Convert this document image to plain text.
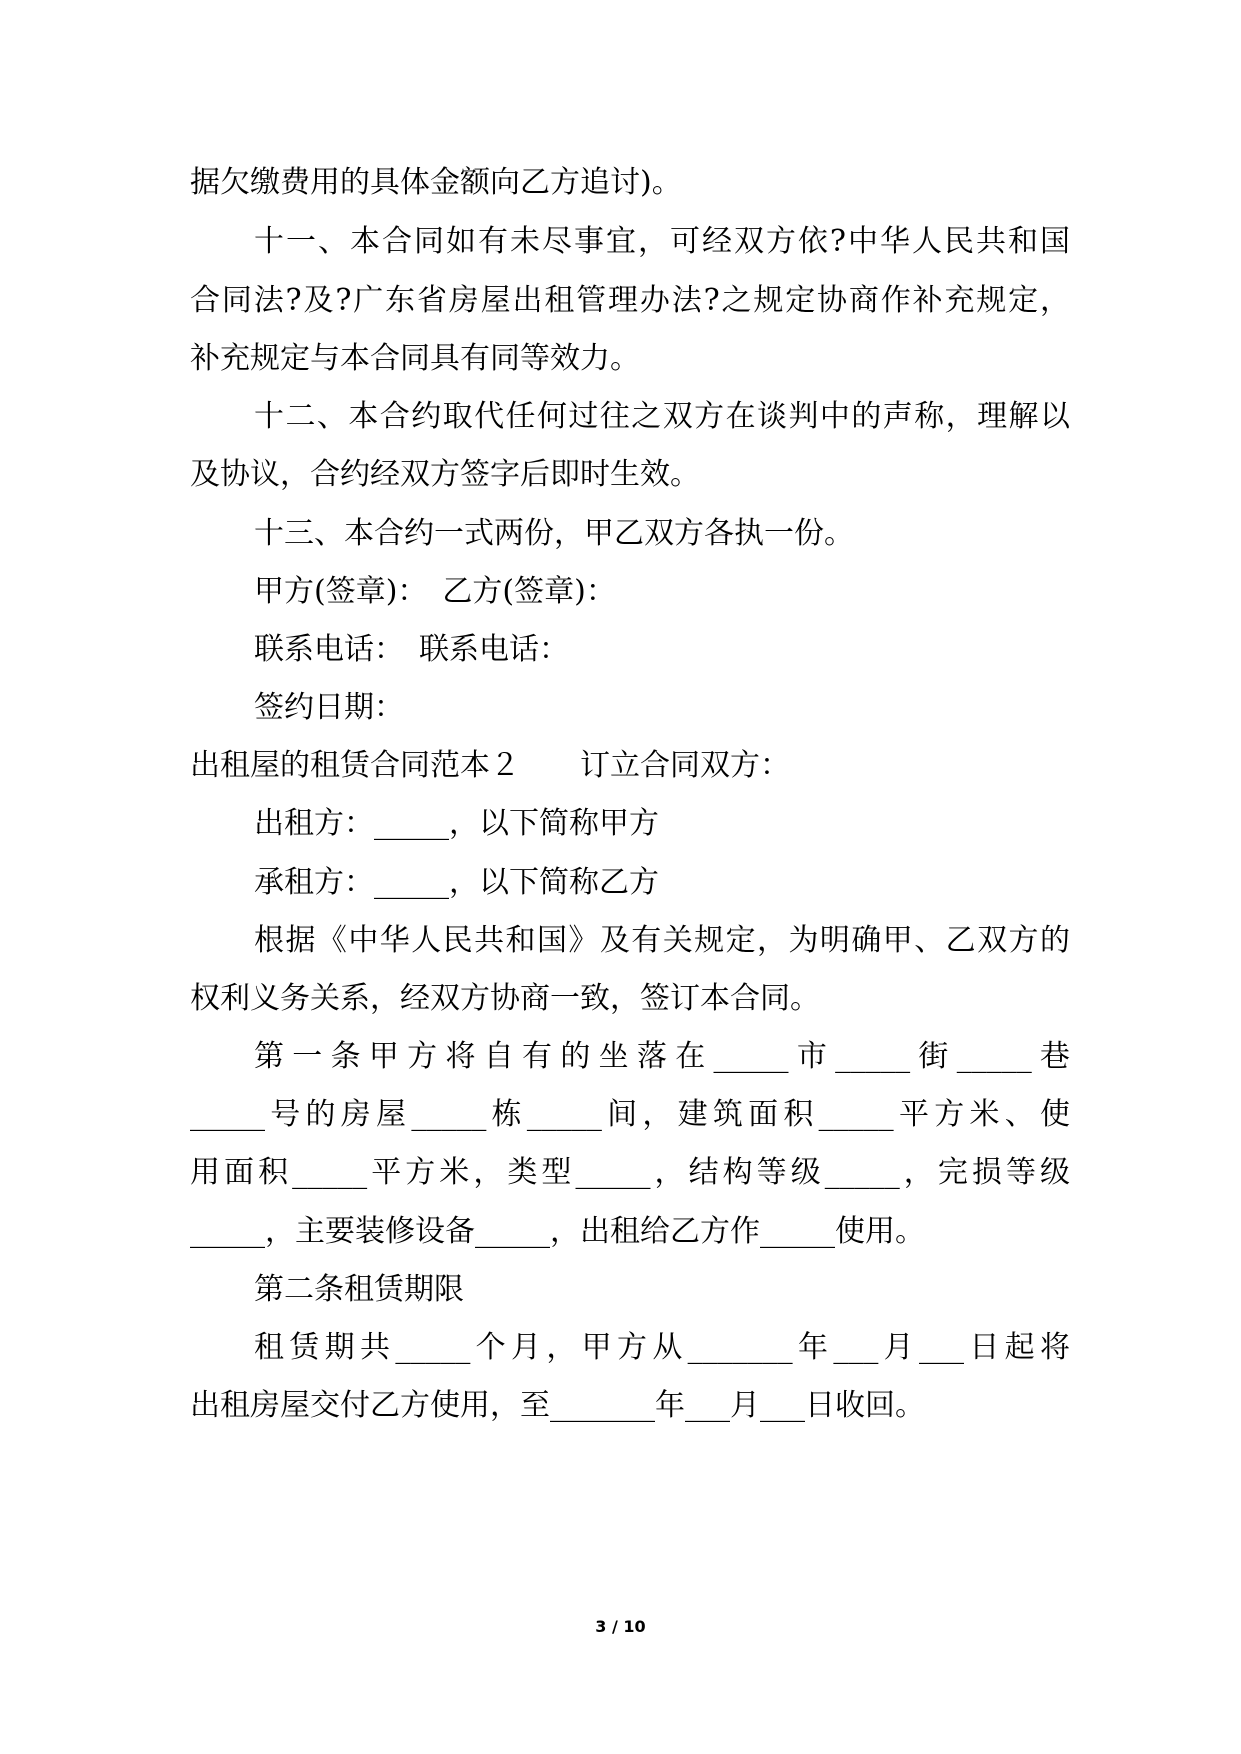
据欠缴费用的具体金额向乙方追讨)。
十一、本合同如有未尽事宜，可经双方依?中华人民共和国
合同法?及?广东省房屋出租管理办法?之规定协商作补充规定，
补充规定与本合同具有同等效力。
十二、本合约取代任何过往之双方在谈判中的声称，理解以
及协议，合约经双方签字后即时生效。
十三、本合约一式两份，甲乙双方各执一份。
甲方(签章)：　乙方(签章)：
联系电话：　联系电话：
签约日期：
出租屋的租赁合同范本２　　订立合同双方：
出租方：_____，以下简称甲方
承租方：_____，以下简称乙方
根据《中华人民共和国》及有关规定，为明确甲、乙双方的
权利义务关系，经双方协商一致，签订本合同。
第一条甲方将自有的坐落在_____市_____街_____巷
_____号的房屋_____栋_____间，建筑面积_____平方米、使
用面积_____平方米，类型_____，结构等级_____，完损等级
_____，主要装修设备_____，出租给乙方作_____使用。
第二条租赁期限
租赁期共_____个月，甲方从_______年___月___日起将
出租房屋交付乙方使用，至_______年___月___日收回。
3 / 10
